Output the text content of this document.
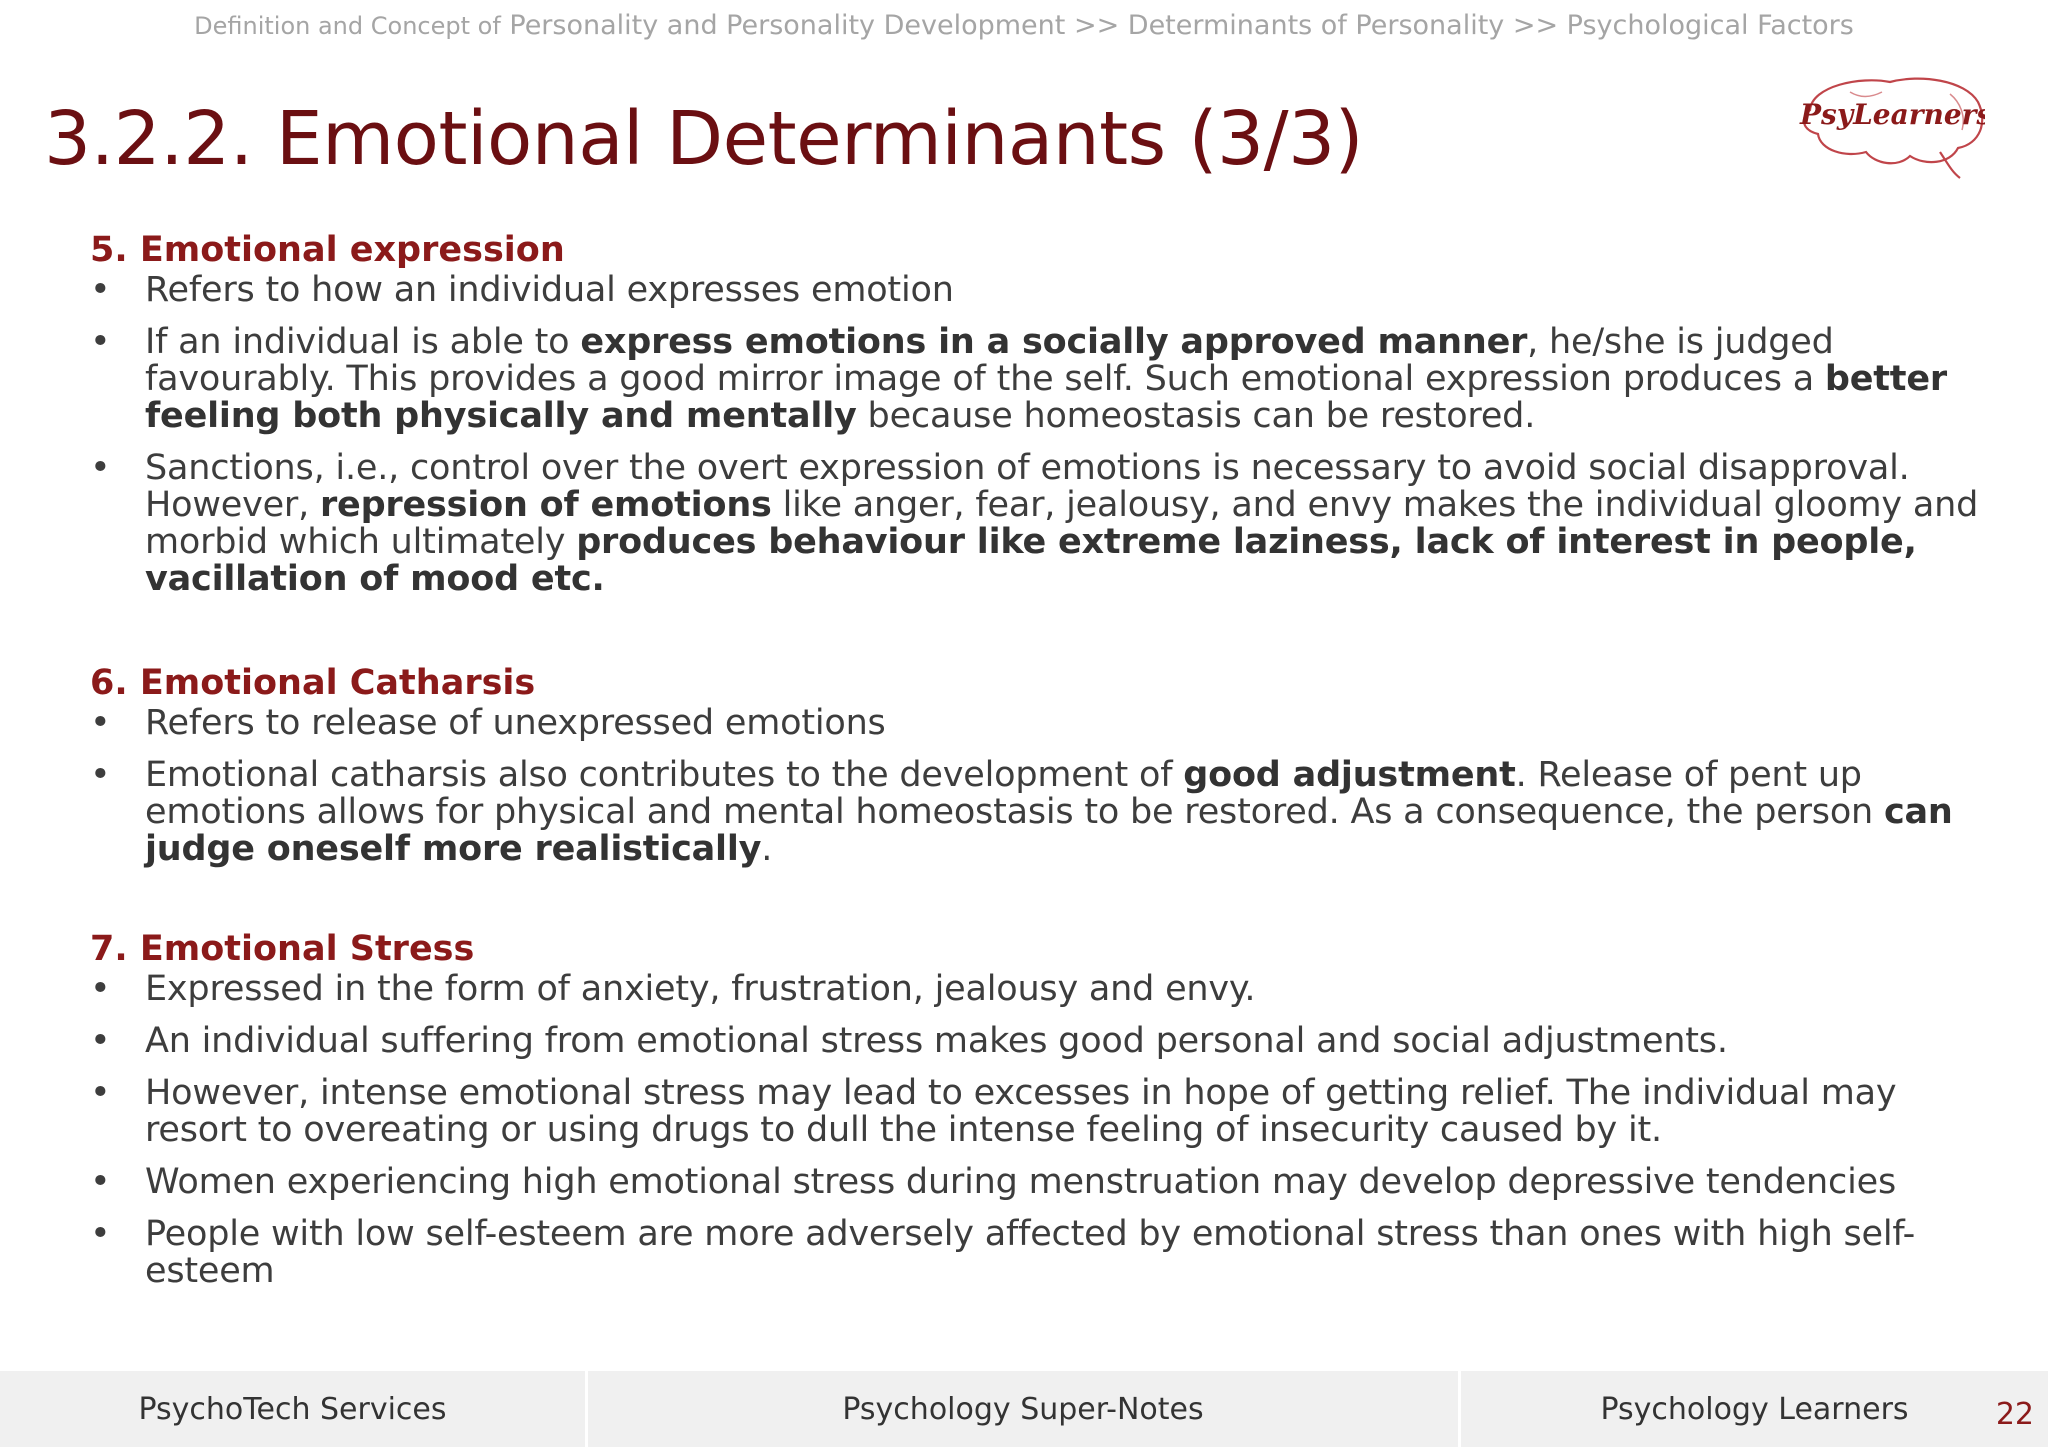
Definition and Concept of Personality and Personality Development >> Determinants of Personality >> Psychological Factors
3.2.2. Emotional Determinants (3/3)	PsyLearners
5. Emotional expression
• Refers to how an individual expresses emotion
• If an individual is able to express emotions in a socially approved manner, he/she is judged favourably. This provides a good mirror image of the self. Such emotional expression produces a better feeling both physically and mentally because homeostasis can be restored.
• Sanctions, i.e., control over the overt expression of emotions is necessary to avoid social disapproval. However, repression of emotions like anger, fear, jealousy, and envy makes the individual gloomy and morbid which ultimately produces behaviour like extreme laziness, lack of interest in people, vacillation of mood etc.
6. Emotional Catharsis
• Refers to release of unexpressed emotions
• Emotional catharsis also contributes to the development of good adjustment. Release of pent up emotions allows for physical and mental homeostasis to be restored. As a consequence, the person can judge oneself more realistically.
7. Emotional Stress
• Expressed in the form of anxiety, frustration, jealousy and envy.
• An individual suffering from emotional stress makes good personal and social adjustments.
• However, intense emotional stress may lead to excesses in hope of getting relief. The individual may resort to overeating or using drugs to dull the intense feeling of insecurity caused by it.
• Women experiencing high emotional stress during menstruation may develop depressive tendencies
• People with low self-esteem are more adversely affected by emotional stress than ones with high self-esteem
PsychoTech Services	Psychology Super-Notes	Psychology Learners	22
